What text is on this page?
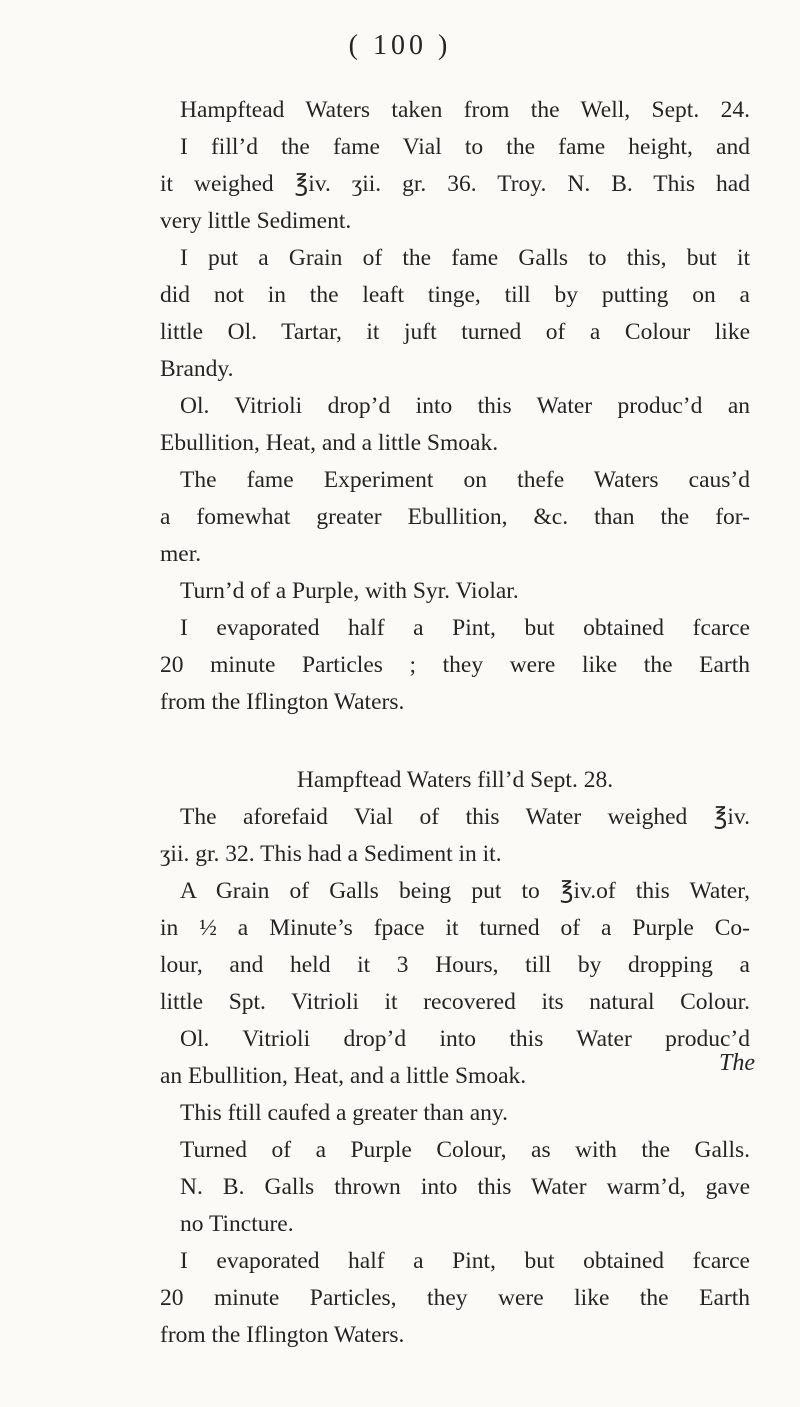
( 100 )
Hampftead Waters taken from the Well, Sept. 24.
I fill’d the fame Vial to the fame height, and
it weighed ℥iv. ʒii. gr. 36. Troy. N. B. This had
very little Sediment.
I put a Grain of the fame Galls to this, but it
did not in the leaft tinge, till by putting on a
little Ol. Tartar, it juft turned of a Colour like
Brandy.
Ol. Vitrioli drop’d into this Water produc’d an
Ebullition, Heat, and a little Smoak.
The fame Experiment on thefe Waters caus’d
a fomewhat greater Ebullition, &c. than the for-
mer.
Turn’d of a Purple, with Syr. Violar.
I evaporated half a Pint, but obtained fcarce
20 minute Particles ; they were like the Earth
from the Iflington Waters.
Hampftead Waters fill’d Sept. 28.
The aforefaid Vial of this Water weighed ℥iv.
ʒii. gr. 32. This had a Sediment in it.
A Grain of Galls being put to ℥iv.of this Water,
in ½ a Minute’s fpace it turned of a Purple Co-
lour, and held it 3 Hours, till by dropping a
little Spt. Vitrioli it recovered its natural Colour.
Ol. Vitrioli drop’d into this Water produc’d
an Ebullition, Heat, and a little Smoak.
This ftill caufed a greater than any.
Turned of a Purple Colour, as with the Galls.
N. B. Galls thrown into this Water warm’d, gave
no Tincture.
I evaporated half a Pint, but obtained fcarce
20 minute Particles, they were like the Earth
from the Iflington Waters.
The
